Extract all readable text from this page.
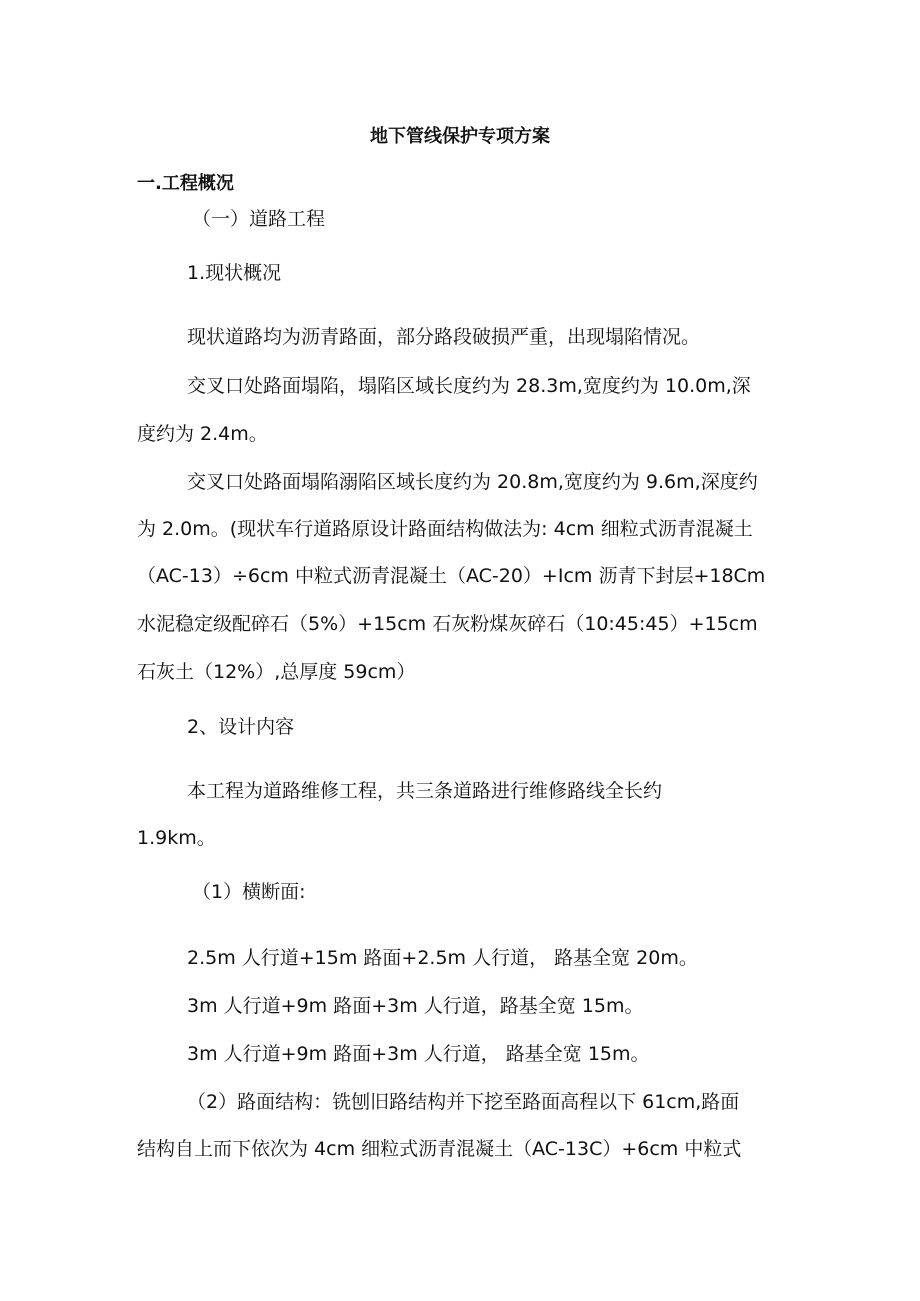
地下管线保护专项方案
一.工程概况
（一）道路工程
1.现状概况
现状道路均为沥青路面，部分路段破损严重，出现塌陷情况。
交叉口处路面塌陷，塌陷区域长度约为 28.3m,宽度约为 10.0m,深
度约为 2.4m。
交叉口处路面塌陷溺陷区域长度约为 20.8m,宽度约为 9.6m,深度约
为 2.0m。(现状车行道路原设计路面结构做法为: 4cm 细粒式沥青混凝土
（AC-13）÷6cm 中粒式沥青混凝土（AC-20）+Icm 沥青下封层+18Cm
水泥稳定级配碎石（5%）+15cm 石灰粉煤灰碎石（10:45:45）+15cm
石灰土（12%）,总厚度 59cm）
2、设计内容
本工程为道路维修工程，共三条道路进行维修路线全长约
1.9km。
（1）横断面:
2.5m 人行道+15m 路面+2.5m 人行道， 路基全宽 20m。
3m 人行道+9m 路面+3m 人行道，路基全宽 15m。
3m 人行道+9m 路面+3m 人行道， 路基全宽 15m。
（2）路面结构：铣刨旧路结构并下挖至路面高程以下 61cm,路面
结构自上而下依次为 4cm 细粒式沥青混凝土（AC-13C）+6cm 中粒式
